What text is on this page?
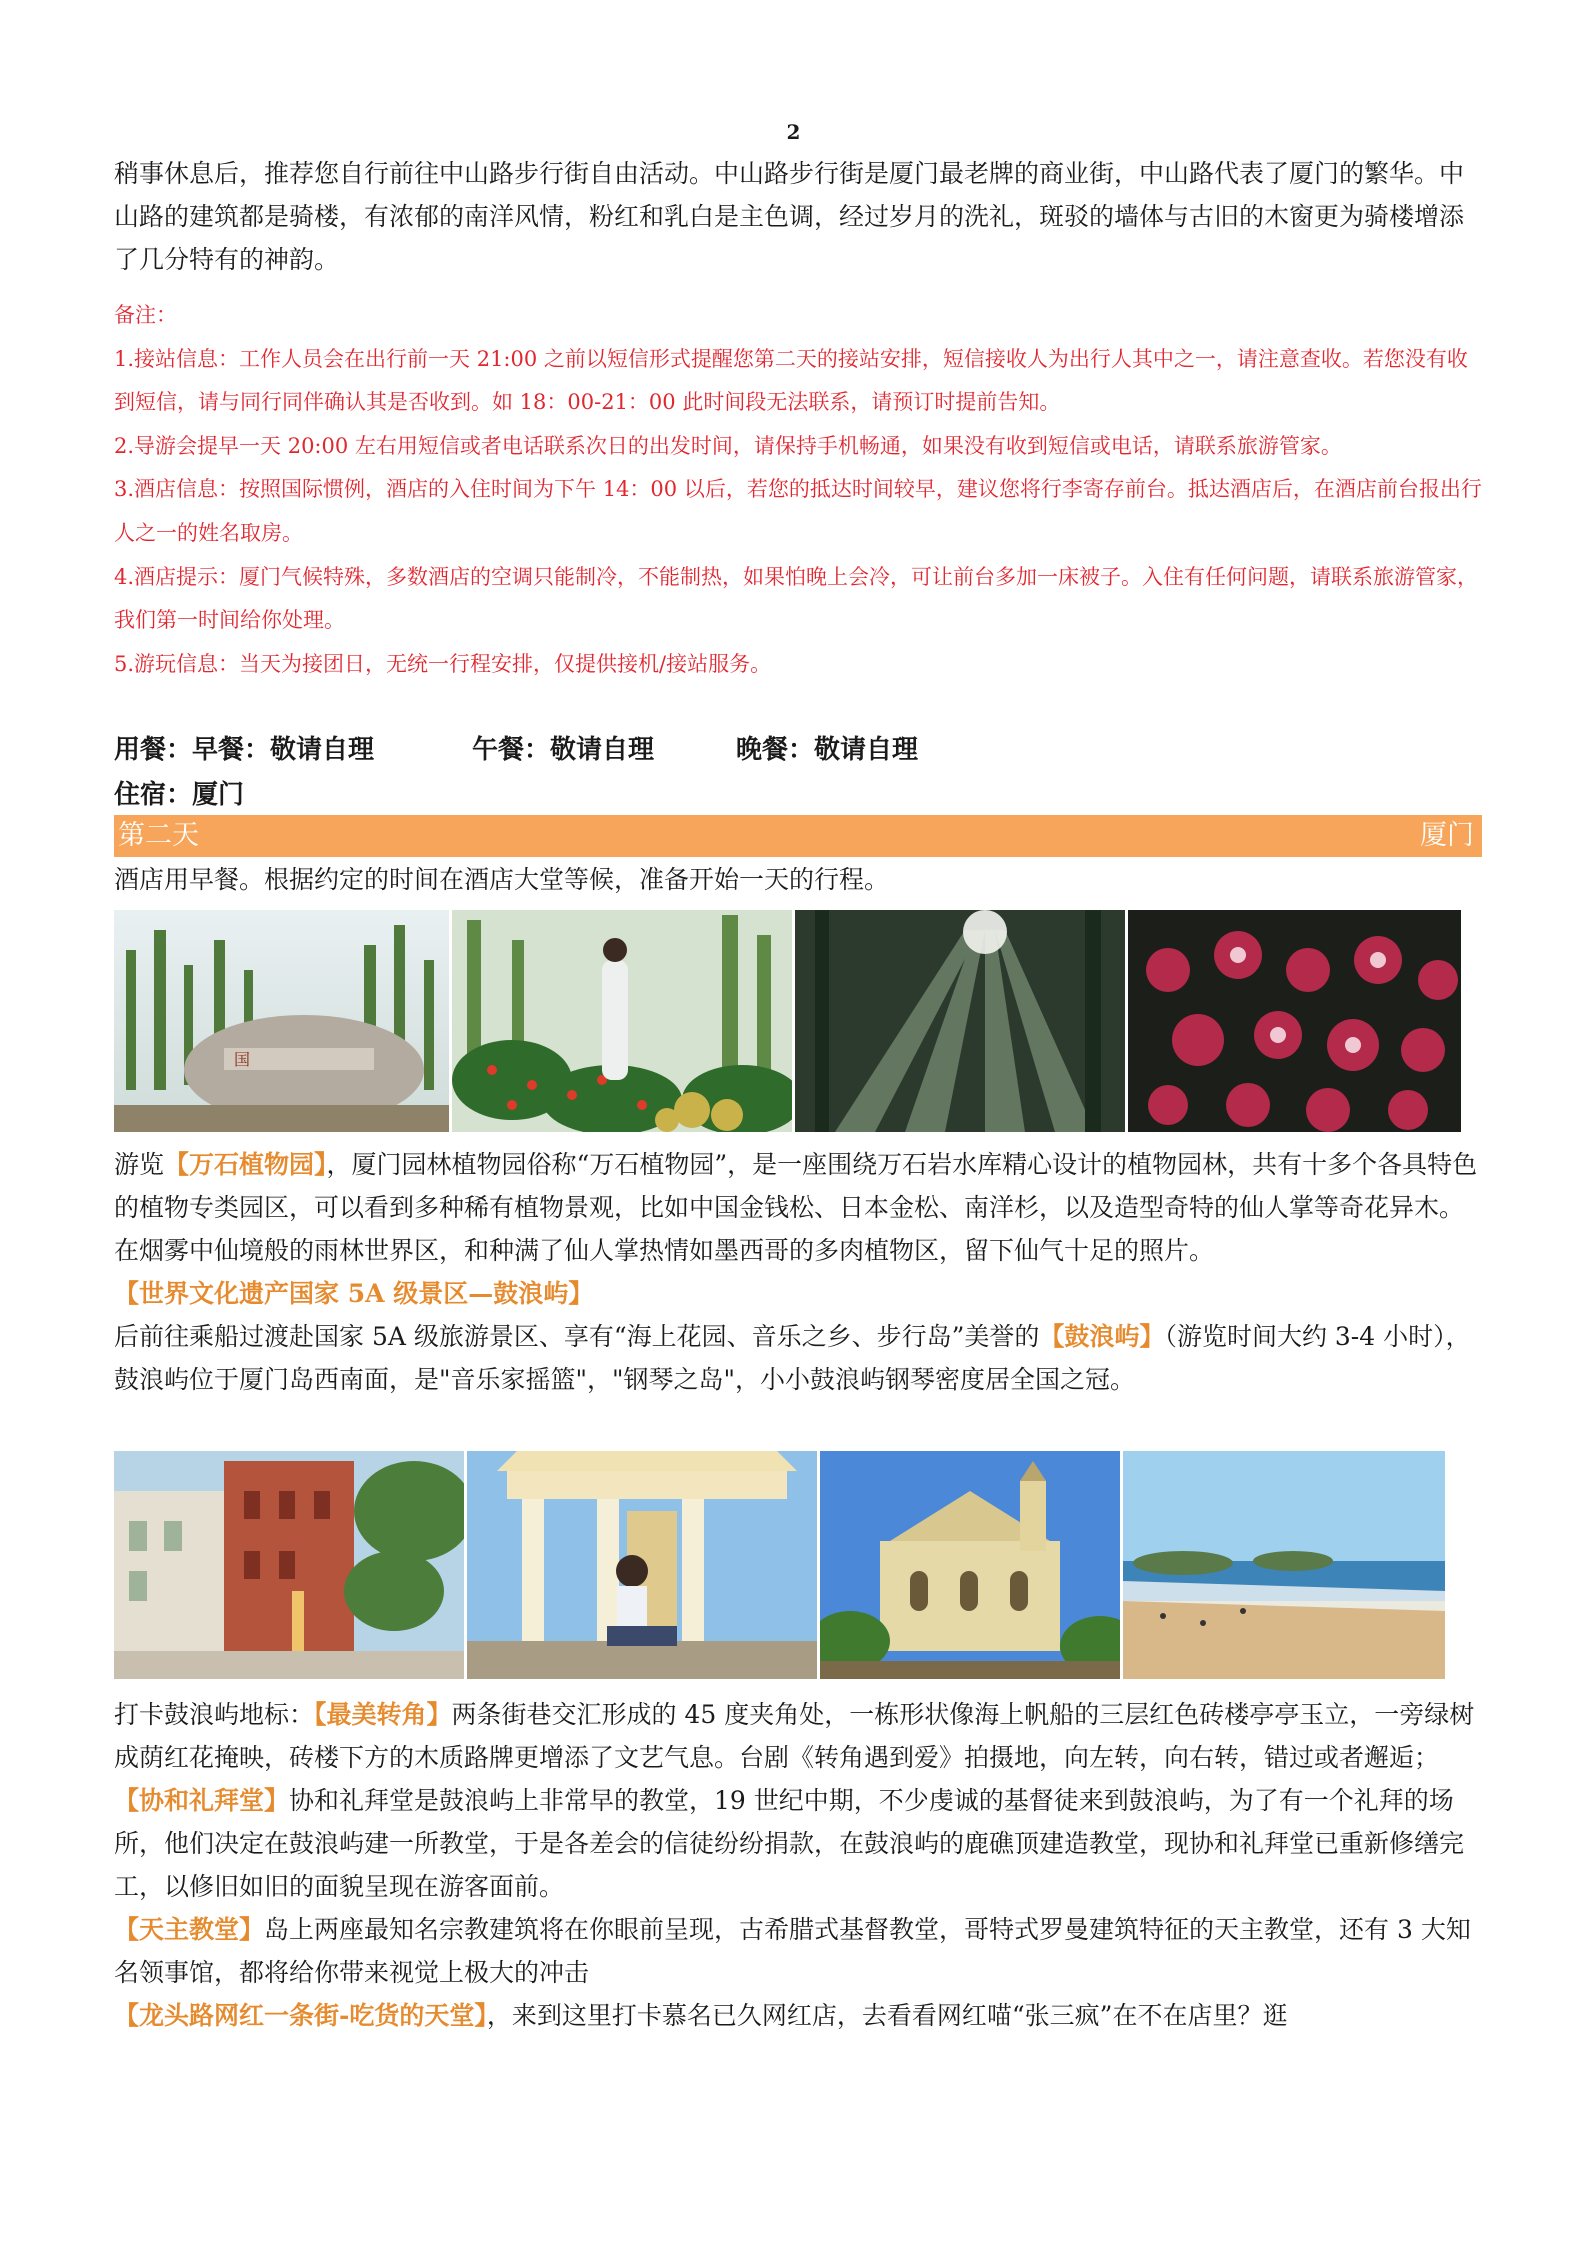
2

稍事休息后，推荐您自行前往中山路步行街自由活动。中山路步行街是厦门最老牌的商业街，中山路代表了厦门的繁华。中山路的建筑都是骑楼，有浓郁的南洋风情，粉红和乳白是主色调，经过岁月的洗礼，斑驳的墙体与古旧的木窗更为骑楼增添了几分特有的神韵。

备注：

1.接站信息：工作人员会在出行前一天 21:00 之前以短信形式提醒您第二天的接站安排，短信接收人为出行人其中之一，请注意查收。若您没有收到短信，请与同行同伴确认其是否收到。如 18：00-21：00 此时间段无法联系，请预订时提前告知。

2.导游会提早一天 20:00 左右用短信或者电话联系次日的出发时间，请保持手机畅通，如果没有收到短信或电话，请联系旅游管家。

3.酒店信息：按照国际惯例，酒店的入住时间为下午 14：00 以后，若您的抵达时间较早，建议您将行李寄存前台。抵达酒店后，在酒店前台报出行人之一的姓名取房。

4.酒店提示：厦门气候特殊，多数酒店的空调只能制冷，不能制热，如果怕晚上会冷，可让前台多加一床被子。入住有任何问题，请联系旅游管家，我们第一时间给你处理。

5.游玩信息：当天为接团日，无统一行程安排，仅提供接机/接站服务。

用餐：早餐：敬请自理	午餐：敬请自理	晚餐：敬请自理
住宿：厦门
第二天	厦门

酒店用早餐。根据约定的时间在酒店大堂等候，准备开始一天的行程。

国

游览【万石植物园】，厦门园林植物园俗称“万石植物园”，是一座围绕万石岩水库精心设计的植物园林，共有十多个各具特色的植物专类园区，可以看到多种稀有植物景观，比如中国金钱松、日本金松、南洋杉，以及造型奇特的仙人掌等奇花异木。在烟雾中仙境般的雨林世界区，和种满了仙人掌热情如墨西哥的多肉植物区，留下仙气十足的照片。

【世界文化遗产国家 5A 级景区—鼓浪屿】

后前往乘船过渡赴国家 5A 级旅游景区、享有“海上花园、音乐之乡、步行岛”美誉的【鼓浪屿】（游览时间大约 3-4 小时），鼓浪屿位于厦门岛西南面，是"音乐家摇篮"，"钢琴之岛"，小小鼓浪屿钢琴密度居全国之冠。

打卡鼓浪屿地标：【最美转角】两条街巷交汇形成的 45 度夹角处，一栋形状像海上帆船的三层红色砖楼亭亭玉立，一旁绿树成荫红花掩映，砖楼下方的木质路牌更增添了文艺气息。台剧《转角遇到爱》拍摄地，向左转，向右转，错过或者邂逅；

【协和礼拜堂】协和礼拜堂是鼓浪屿上非常早的教堂，19 世纪中期，不少虔诚的基督徒来到鼓浪屿，为了有一个礼拜的场所，他们决定在鼓浪屿建一所教堂，于是各差会的信徒纷纷捐款，在鼓浪屿的鹿礁顶建造教堂，现协和礼拜堂已重新修缮完工，以修旧如旧的面貌呈现在游客面前。

【天主教堂】岛上两座最知名宗教建筑将在你眼前呈现，古希腊式基督教堂，哥特式罗曼建筑特征的天主教堂，还有 3 大知名领事馆，都将给你带来视觉上极大的冲击

【龙头路网红一条街-吃货的天堂】，来到这里打卡慕名已久网红店，去看看网红喵“张三疯”在不在店里？逛
